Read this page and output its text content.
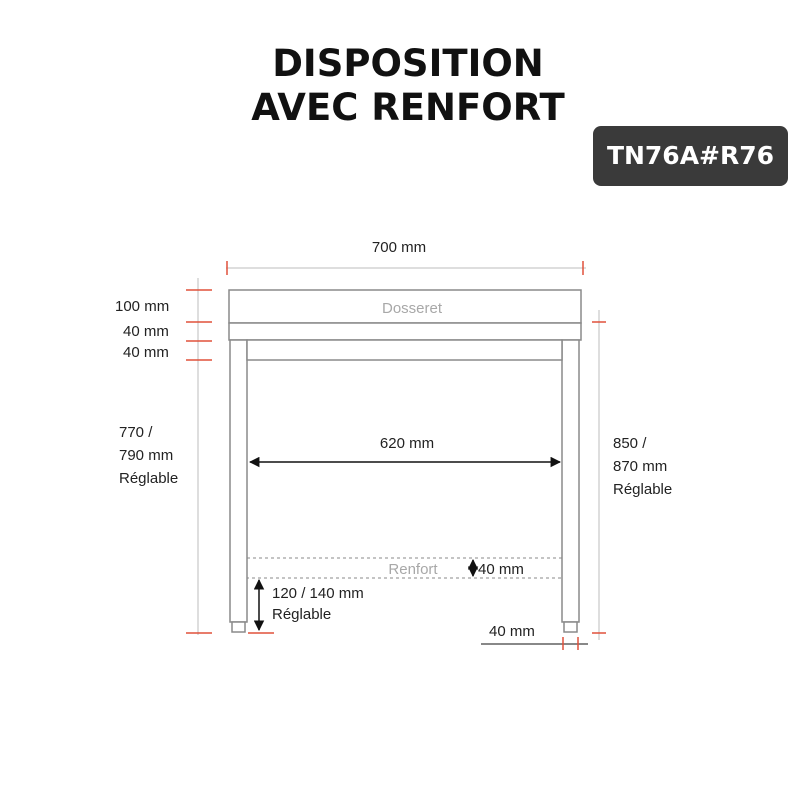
DISPOSITION
AVEC RENFORT
TN76A#R76
Dosseret
Renfort
700 mm
620 mm
100 mm
40 mm
40 mm
770 /
790 mm
Réglable
850 /
870 mm
Réglable
40 mm
120 / 140 mm
Réglable
40 mm
